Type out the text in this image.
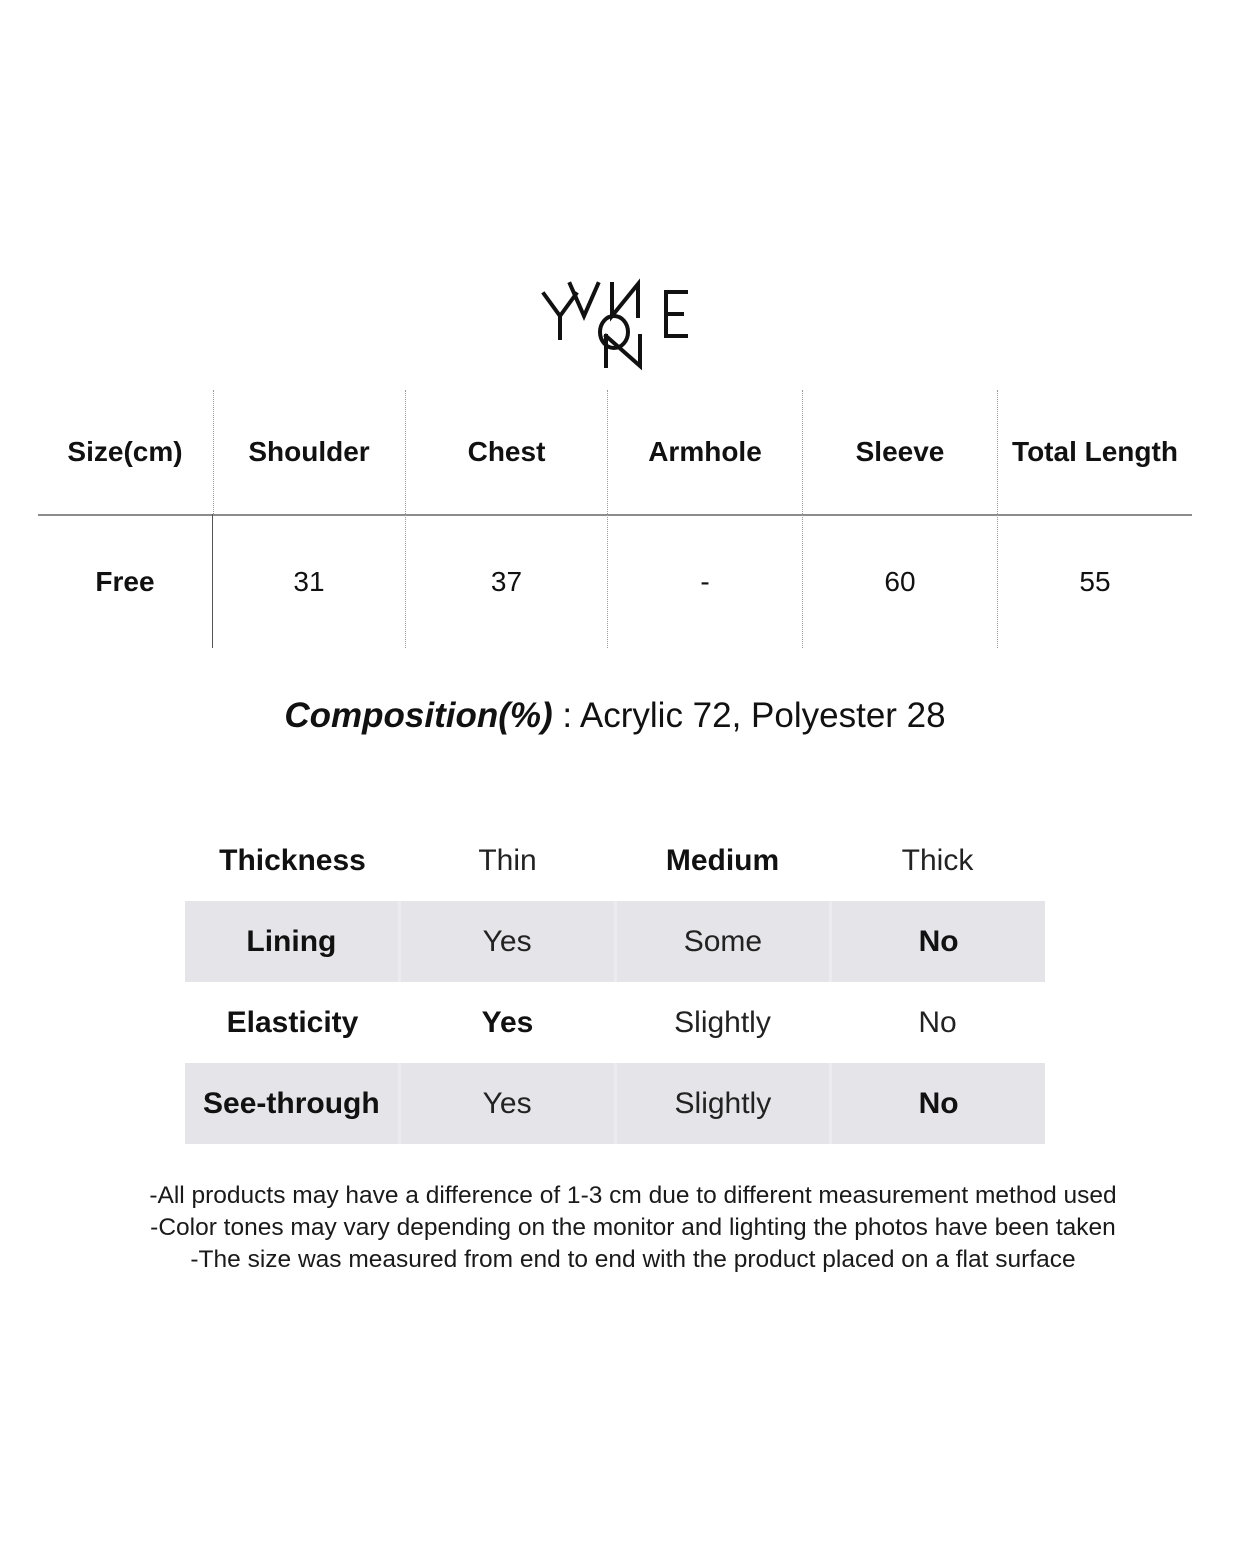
Size(cm)	Shoulder	Chest	Armhole	Sleeve	Total Length
Free	31	37	-	60	55
Composition(%) : Acrylic 72, Polyester 28
Thickness	Thin	Medium	Thick
Lining	Yes	Some	No
Elasticity	Yes	Slightly	No
See-through	Yes	Slightly	No
-All products may have a difference of 1-3 cm due to different measurement method used
-Color tones may vary depending on the monitor and lighting the photos have been taken
-The size was measured from end to end with the product placed on a flat surface
